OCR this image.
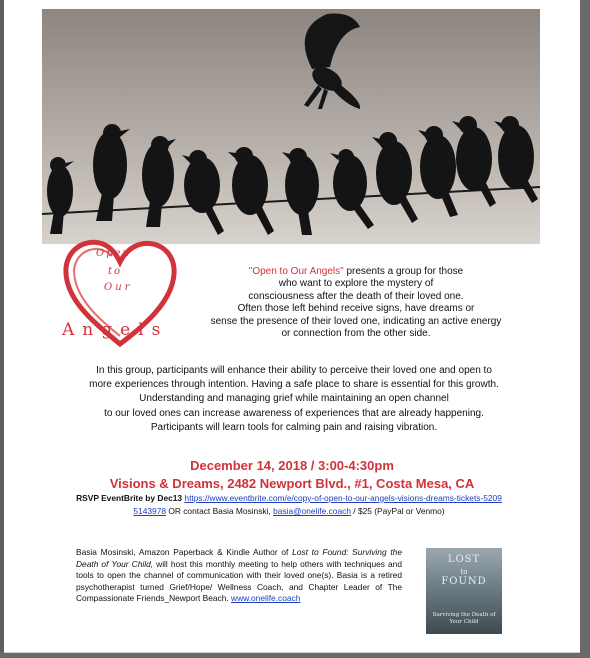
Open
to
Our
Angels
"Open to Our Angels" presents a group for those
who want to explore the mystery of
consciousness after the death of their loved one.
Often those left behind receive signs, have dreams or
sense the presence of their loved one, indicating an active energy
or connection from the other side.
In this group, participants will enhance their ability to perceive their loved one and open to
more experiences through intention. Having a safe place to share is essential for this growth.
Understanding and managing grief while maintaining an open channel
to our loved ones can increase awareness of experiences that are already happening.
Participants will learn tools for calming pain and raising vibration.
December 14, 2018 / 3:00-4:30pm
Visions & Dreams, 2482 Newport Blvd., #1, Costa Mesa, CA
RSVP EventBrite by Dec13 https://www.eventbrite.com/e/copy-of-open-to-our-angels-visions-dreams-tickets-52095143978 OR contact Basia Mosinski, basia@onelife.coach / $25 (PayPal or Venmo)
Basia Mosinski, Amazon Paperback & Kindle Author of Lost to Found: Surviving the Death of Your Child, will host this monthly meeting to help others with techniques and tools to open the channel of communication with their loved one(s). Basia is a retired psychotherapist turned Grief/Hope/ Wellness Coach, and Chapter Leader of The Compassionate Friends_Newport Beach. www.onelife.coach
LOST
to
FOUND
Surviving the Death of Your Child
